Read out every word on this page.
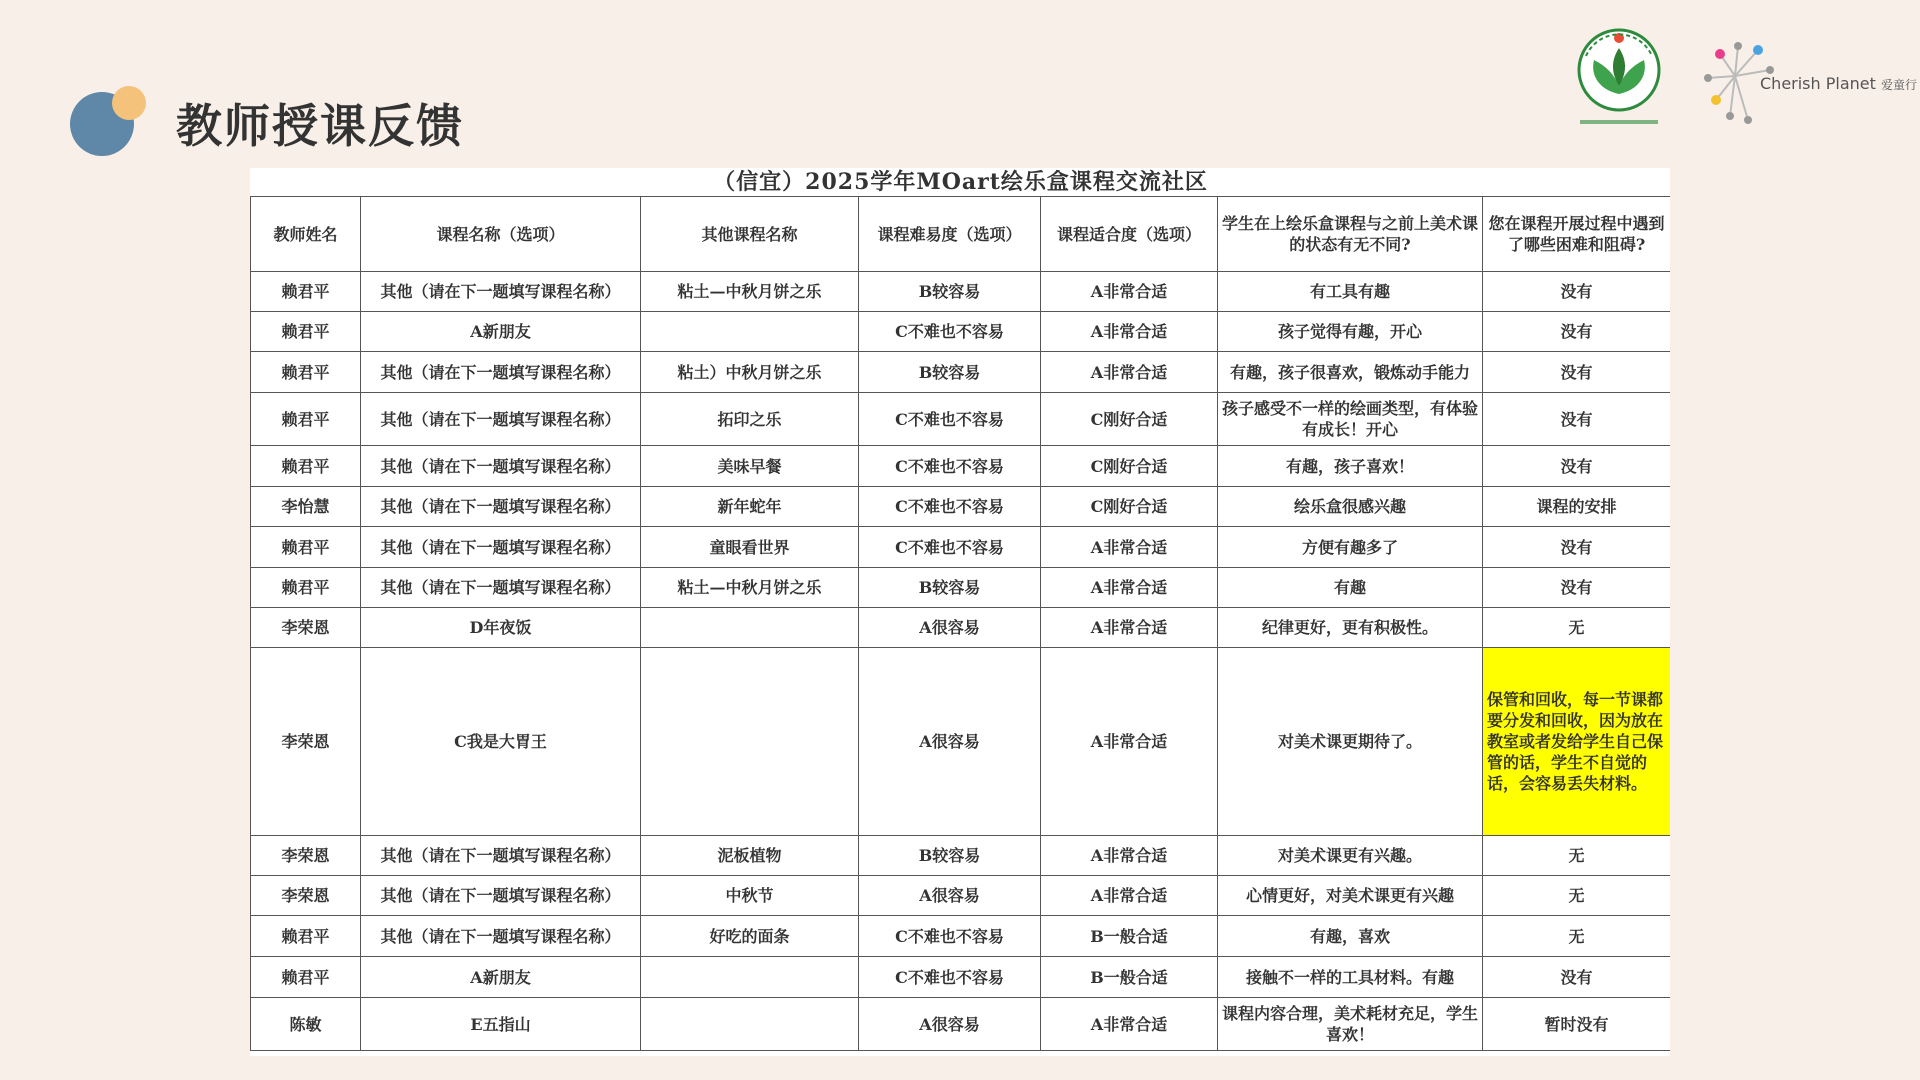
教师授课反馈
Cherish Planet 爱童行
（信宜）2025学年MOart绘乐盒课程交流社区						
教师姓名	课程名称（选项）	其他课程名称	课程难易度（选项）	课程适合度（选项）	学生在上绘乐盒课程与之前上美术课的状态有无不同?	您在课程开展过程中遇到了哪些困难和阻碍?
赖君平	其他（请在下一题填写课程名称）	粘土—中秋月饼之乐	B较容易	A非常合适	有工具有趣	没有
赖君平	A新朋友		C不难也不容易	A非常合适	孩子觉得有趣，开心	没有
赖君平	其他（请在下一题填写课程名称）	粘土）中秋月饼之乐	B较容易	A非常合适	有趣，孩子很喜欢，锻炼动手能力	没有
赖君平	其他（请在下一题填写课程名称）	拓印之乐	C不难也不容易	C刚好合适	孩子感受不一样的绘画类型，有体验有成长！开心	没有
赖君平	其他（请在下一题填写课程名称）	美味早餐	C不难也不容易	C刚好合适	有趣，孩子喜欢！	没有
李怡慧	其他（请在下一题填写课程名称）	新年蛇年	C不难也不容易	C刚好合适	绘乐盒很感兴趣	课程的安排
赖君平	其他（请在下一题填写课程名称）	童眼看世界	C不难也不容易	A非常合适	方便有趣多了	没有
赖君平	其他（请在下一题填写课程名称）	粘土—中秋月饼之乐	B较容易	A非常合适	有趣	没有
李荣恩	D年夜饭		A很容易	A非常合适	纪律更好，更有积极性。	无
李荣恩	C我是大胃王		A很容易	A非常合适	对美术课更期待了。	保管和回收，每一节课都要分发和回收，因为放在教室或者发给学生自己保管的话，学生不自觉的话，会容易丢失材料。
李荣恩	其他（请在下一题填写课程名称）	泥板植物	B较容易	A非常合适	对美术课更有兴趣。	无
李荣恩	其他（请在下一题填写课程名称）	中秋节	A很容易	A非常合适	心情更好，对美术课更有兴趣	无
赖君平	其他（请在下一题填写课程名称）	好吃的面条	C不难也不容易	B一般合适	有趣，喜欢	无
赖君平	A新朋友		C不难也不容易	B一般合适	接触不一样的工具材料。有趣	没有
陈敏	E五指山		A很容易	A非常合适	课程内容合理，美术耗材充足，学生喜欢！	暂时没有
